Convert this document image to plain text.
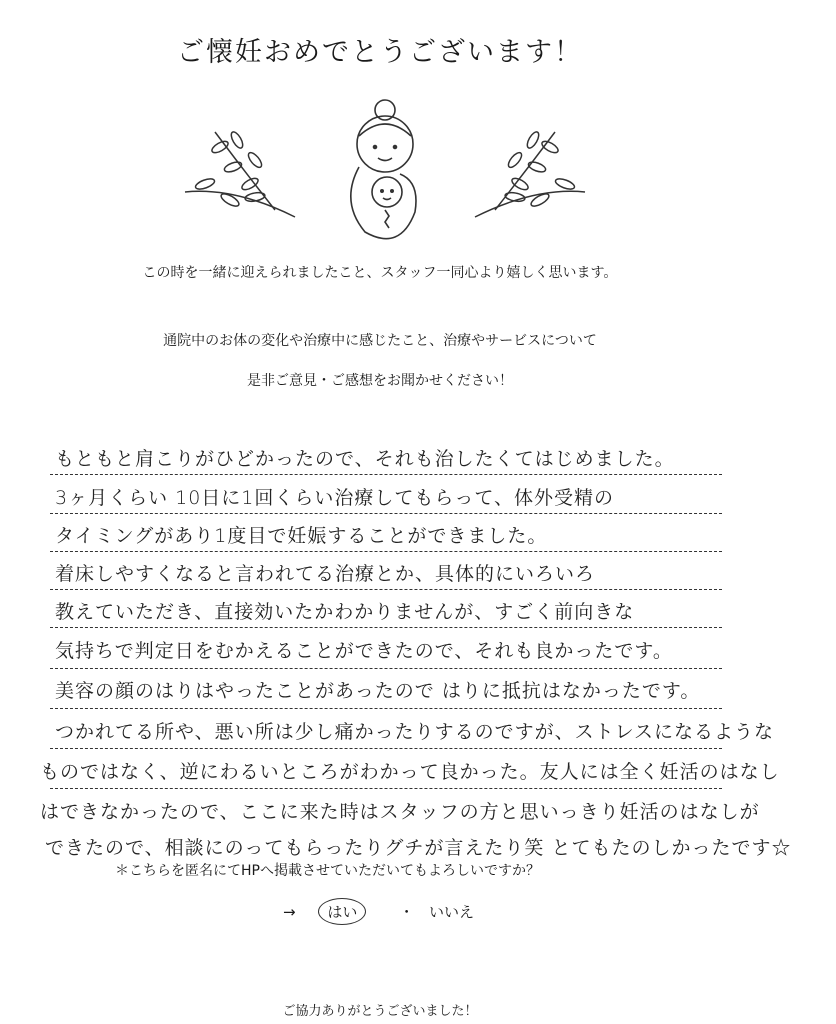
ご懐妊おめでとうございます！
この時を一緒に迎えられましたこと、スタッフ一同心より嬉しく思います。
通院中のお体の変化や治療中に感じたこと、治療やサービスについて
是非ご意見・ご感想をお聞かせください！
もともと肩こりがひどかったので、それも治したくてはじめました。
3ヶ月くらい 10日に1回くらい治療してもらって、体外受精の
タイミングがあり1度目で妊娠することができました。
着床しやすくなると言われてる治療とか、具体的にいろいろ
教えていただき、直接効いたかわかりませんが、すごく前向きな
気持ちで判定日をむかえることができたので、それも良かったです。
美容の顔のはりはやったことがあったので はりに抵抗はなかったです。
つかれてる所や、悪い所は少し痛かったりするのですが、ストレスになるような
ものではなく、逆にわるいところがわかって良かった。友人には全く妊活のはなし
はできなかったので、ここに来た時はスタッフの方と思いっきり妊活のはなしが
できたので、相談にのってもらったりグチが言えたり笑 とてもたのしかったです☆
＊こちらを匿名にてHPへ掲載させていただいてもよろしいですか？
→ はい	・ いいえ
ご協力ありがとうございました！
